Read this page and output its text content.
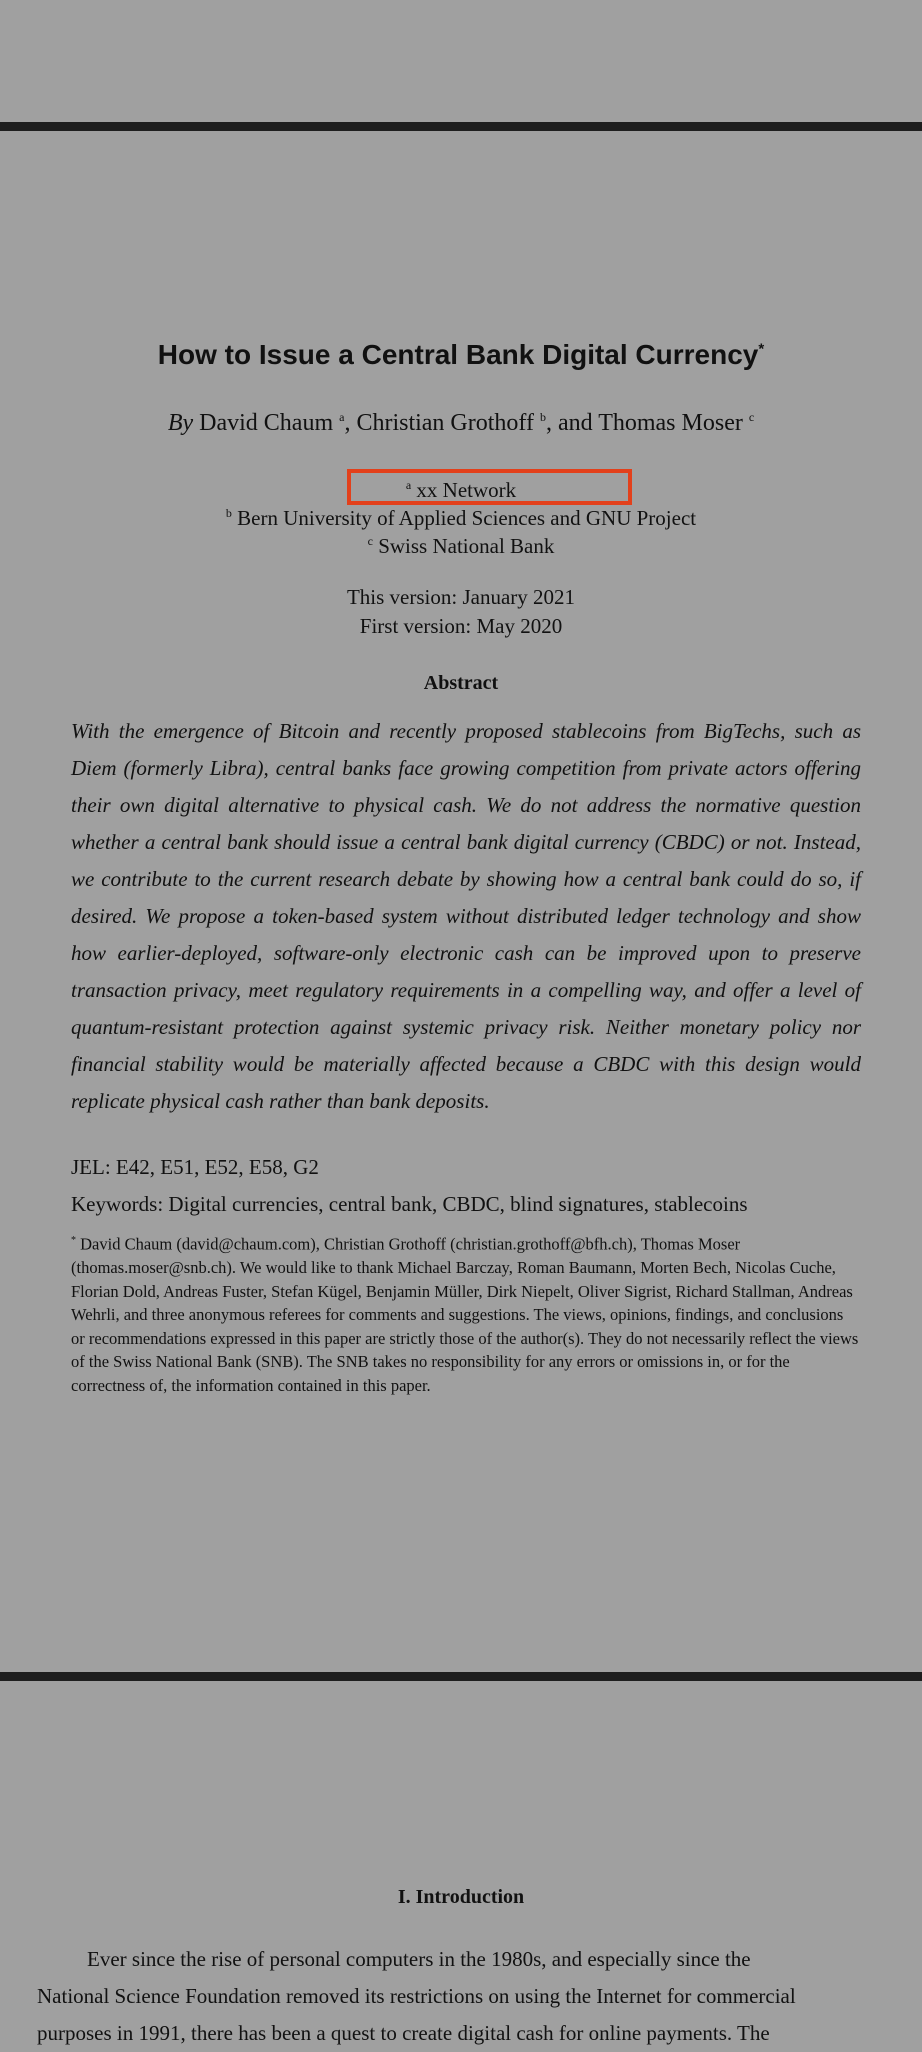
How to Issue a Central Bank Digital Currency*
By David Chaum $^a$, Christian Grothoff $^b$, and Thomas Moser $^c$
$^a$ xx Network
$^b$ Bern University of Applied Sciences and GNU Project
$^c$ Swiss National Bank
This version: January 2021
First version: May 2020
Abstract
With the emergence of Bitcoin and recently proposed stablecoins from BigTechs, such as Diem (formerly Libra), central banks face growing competition from private actors offering their own digital alternative to physical cash. We do not address the normative question whether a central bank should issue a central bank digital currency (CBDC) or not. Instead, we contribute to the current research debate by showing how a central bank could do so, if desired. We propose a token-based system without distributed ledger technology and show how earlier-deployed, software-only electronic cash can be improved upon to preserve transaction privacy, meet regulatory requirements in a compelling way, and offer a level of quantum-resistant protection against systemic privacy risk. Neither monetary policy nor financial stability would be materially affected because a CBDC with this design would replicate physical cash rather than bank deposits.
JEL: E42, E51, E52, E58, G2
Keywords: Digital currencies, central bank, CBDC, blind signatures, stablecoins
* David Chaum (david@chaum.com), Christian Grothoff (christian.grothoff@bfh.ch), Thomas Moser (thomas.moser@snb.ch). We would like to thank Michael Barczay, Roman Baumann, Morten Bech, Nicolas Cuche, Florian Dold, Andreas Fuster, Stefan Kügel, Benjamin Müller, Dirk Niepelt, Oliver Sigrist, Richard Stallman, Andreas Wehrli, and three anonymous referees for comments and suggestions. The views, opinions, findings, and conclusions or recommendations expressed in this paper are strictly those of the author(s). They do not necessarily reflect the views of the Swiss National Bank (SNB). The SNB takes no responsibility for any errors or omissions in, or for the correctness of, the information contained in this paper.
I. Introduction
Ever since the rise of personal computers in the 1980s, and especially since the National Science Foundation removed its restrictions on using the Internet for commercial purposes in 1991, there has been a quest to create digital cash for online payments. The
